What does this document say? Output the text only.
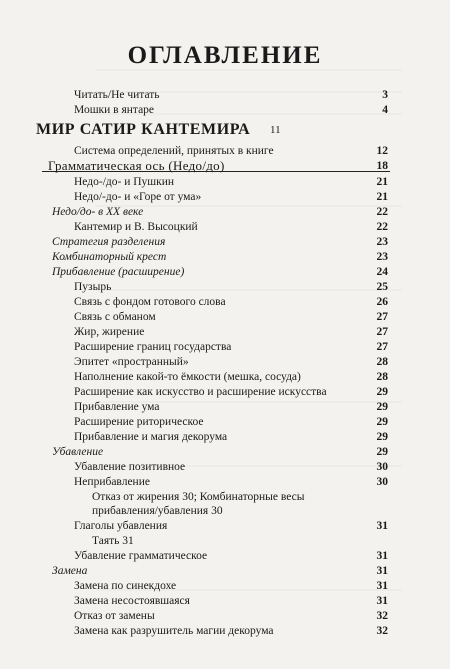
ОГЛАВЛЕНИЕ
Читать/Не читать	3
Мошки в янтаре	4
МИР САТИР КАНТЕМИРА 11
Система определений, принятых в книге	12
Грамматическая ось (Недо/до)	18
Недо-/до- и Пушкин	21
Недо/-до- и «Горе от ума»	21
Недо/до- в XX веке	22
Кантемир и В. Высоцкий	22
Стратегия разделения	23
Комбинаторный крест	23
Прибавление (расширение)	24
Пузырь	25
Связь с фондом готового слова	26
Связь с обманом	27
Жир, жирение	27
Расширение границ государства	27
Эпитет «пространный»	28
Наполнение какой-то ёмкости (мешка, сосуда)	28
Расширение как искусство и расширение искусства	29
Прибавление ума	29
Расширение риторическое	29
Прибавление и магия декорума	29
Убавление	29
Убавление позитивное	30
Неприбавление	30
Отказ от жирения 30; Комбинаторные весы
прибавления/убавления 30
Глаголы убавления	31
Таять 31
Убавление грамматическое	31
Замена	31
Замена по синекдохе	31
Замена несостоявшаяся	31
Отказ от замены	32
Замена как разрушитель магии декорума	32
